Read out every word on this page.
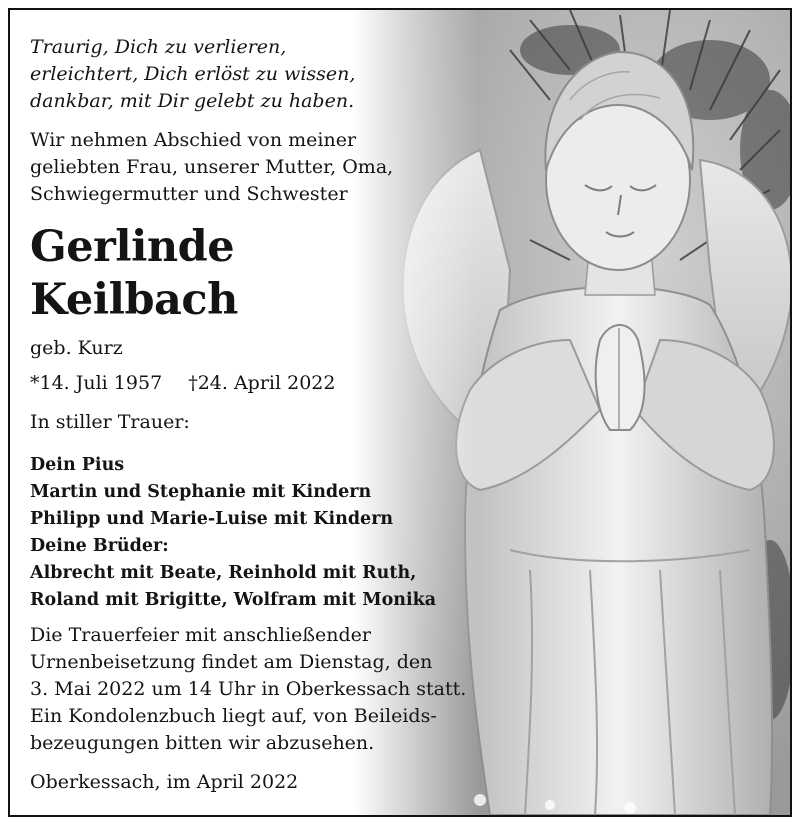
Traurig, Dich zu verlieren,
erleichtert, Dich erlöst zu wissen,
dankbar, mit Dir gelebt zu haben.
Wir nehmen Abschied von meiner
geliebten Frau, unserer Mutter, Oma,
Schwiegermutter und Schwester
Gerlinde
Keilbach
geb. Kurz
*14. Juli 1957 †24. April 2022
In stiller Trauer:
Dein Pius
Martin und Stephanie mit Kindern
Philipp und Marie-Luise mit Kindern
Deine Brüder:
Albrecht mit Beate, Reinhold mit Ruth,
Roland mit Brigitte, Wolfram mit Monika
Die Trauerfeier mit anschließender
Urnenbeisetzung findet am Dienstag, den
3. Mai 2022 um 14 Uhr in Oberkessach statt.
Ein Kondolenzbuch liegt auf, von Beileids-
bezeugungen bitten wir abzusehen.
Oberkessach, im April 2022
